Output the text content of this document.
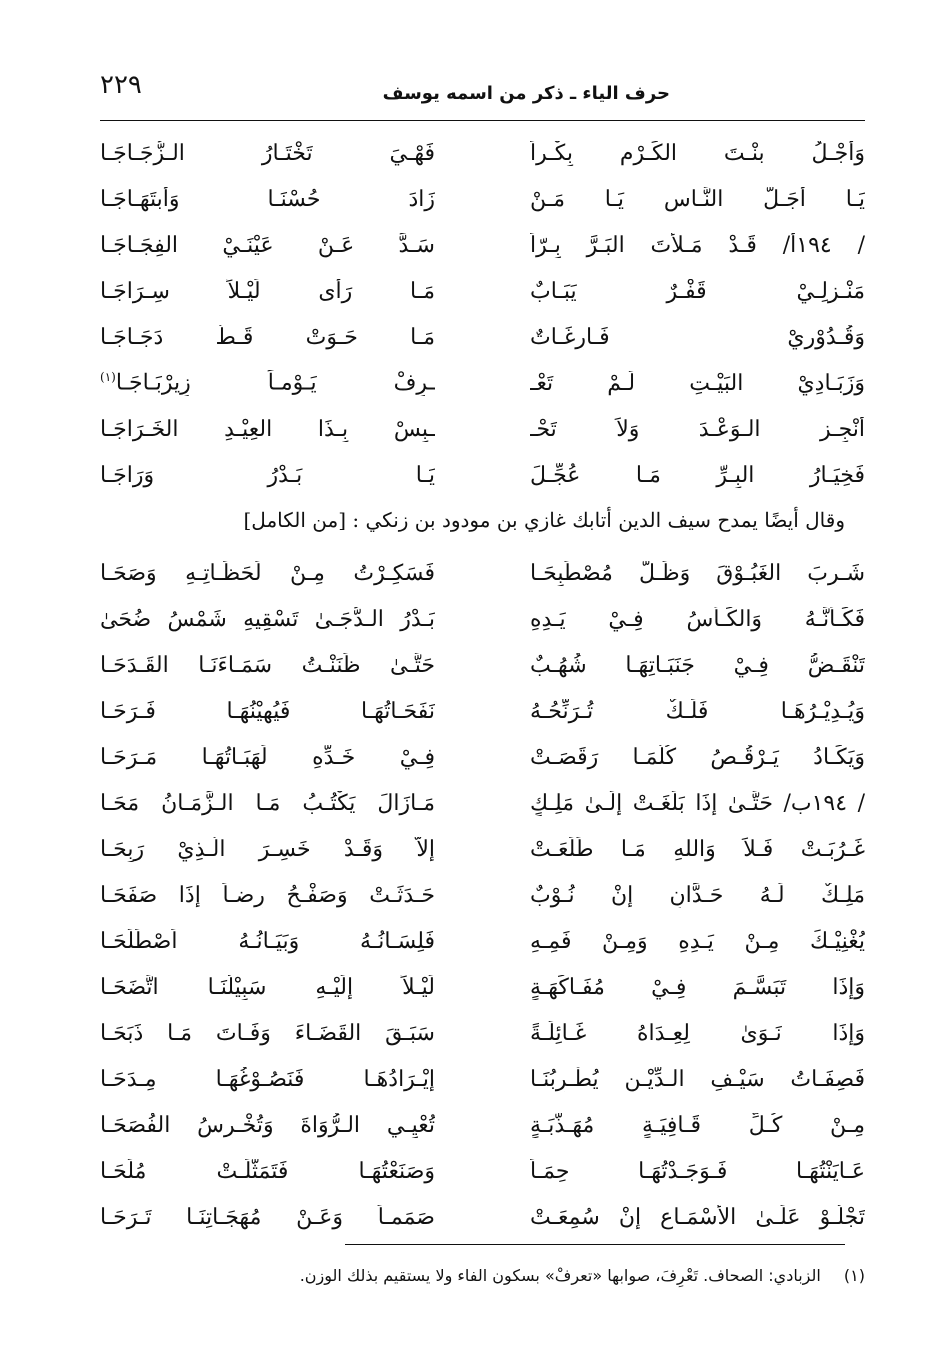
٢٢٩	حرف الياء ـ ذكر من اسمه يوسف
وَأجْـلُ بنْـتَ الكَـرْمِ بِكْـراً
فَهْـيَ تَخْتَـارُ الـزُّجَـاجَـا
يَـا أجَـلَّ النَّـاسِ يَـا مَـنْ
زَادَ حُسْنَـا وَأبتَهَـاجَـا
/ ١٩٤أ/ قَـدْ مَـلأتَ البَـرَّ بِـرّاً
سَـدَّ عَـنْ عَيْنَـيْ الفِجَـاجَـا
مَنْـزِلِـيْ قَفْـرٌ يَبَـابٌ
مَـا رَأى لَيْـلاً سِـرَاجَـا
وَقُـدُوْرِيْ فَـارِغَـاتٌ
مَـا حَـوَتْ قَـطُّ دَجَـاجَـا
وَزَبَـادِيْ البَيْـتِ لَـمْ تَعْـ
ـرِفْ يَـوْمـاً زِيرْبَـاجَـا$^{(١)}$
أنْجِـزِ الـوَعْـدَ وَلاَ تَحْـ
ـبِسْ بِـذَا العِيْـدِ الخَـرَاجَـا
فَخِيَـارُ البِـرِّ مَـا عُجِّـلَ
يَـا بَـدْرُ وَرَاجَـا
وقال أيضًا يمدح سيف الدين أتابك غازي بن مودود بن زنكي : [من الكامل]
شَـرِبَ الغَبُـوْقَ وَظَـلَّ مُصْطَبِحَـا
فَسَكِـرْتُ مِـنْ لَحَظَـاتِـهِ وَصَحَـا
فَكَـأنَّـهُ وَالكَـأسُ فِـيْ يَـدِهِ
بَـدْرُ الـدُّجَـىٰ تَسْقِيهِ شَمْسُ ضُحَىٰ
تَنْقَـضُّ فِـيْ جَنَبَـاتِهَـا شُهُـبٌ
حَتَّـىٰ ظَنَنْـتُ سَمَـاءَنَـا القَـدَحَـا
وَيُـدِيْـرُهَـا فَلَـكٌ تُـرَنِّحُـهُ
نَفَحَـاتُهَـا فَيُهِيْنُهَـا فَـرَحَـا
وَيَكَـادُ يَـرْقُـصُ كُلَّمَـا رَقَصَـتْ
فِـيْ خَـدِّهِ لَهَبَـاتُهَـا مَـرَحَـا
/ ١٩٤ب/ حَتَّـىٰ إذَا بَلَغَـتْ إلَـىٰ مَلِـكٍ
مَـازَالَ يَكْتُـبُ مَـا الـزَّمَـانُ مَحَـا
غَـرُبَـتْ فَـلاَ وَاللهِ مَـا طَلَعَـتْ
إلاَّ وَقَـدْ خَسِـرَ الَّـذِيْ رَبِحَـا
مَلِـكٌ لَـهُ حَـدَّانِ إنْ نُـوْبٌ
حَـدَثَـتْ وَصَفْـحُ رِضـاً إذَا صَفَحَـا
يُغْنِيْـكَ مِـنْ يَـدِهِ وَمِـنْ فَمِـهِ
فَلِسَـانُـهُ وَبَيَـانُـهُ اَصْطَلَحَـا
وَإذَا تَبَسَّـمَ فِـيْ مُفَـاكَهَـةٍ
لَيْـلاً إلَيْـهِ سَبِيْلُنَـا اتَّضَحَـا
وَإذَا نَـوَىٰ لِعِـدَاهُ غَـائِلَـةً
سَبَـقَ القَضَـاءَ وَفَـاتَ مَـا ذَبَحَـا
فَصِفَـاتُ سَيْـفِ الـدِّيْـنِ يُطْـرِبُنَـا
إيْـرَادُهَـا فَنَصُـوْغُهَـا مِـدَحَـا
مِـنْ كُـلِّ قَـافِيَـةٍ مُهَـذَّبَـةٍ
تُعْيِـي الـرُّوَاةَ وَتُخْـرِسُ الفُصَحَـا
عَـايَنْتُهَـا فَـوَجَـدْتُهَـا حِمَـاً
وَصَنَعْتُهَـا فَتَمَثَّلَـتْ مُلَحَـا
تَجْلُـوْ عَلَـىٰ الأسْمَـاعِ إنْ سُمِعَـتْ
صَمَمـاً وَعَـنْ مُهَجَـاتِنَـا تَـرَحَـا
(١) الزبادي: الصحاف. تَعْرِفَ، صوابها «تعرفْ» بسكون الفاء ولا يستقيم بذلك الوزن.
